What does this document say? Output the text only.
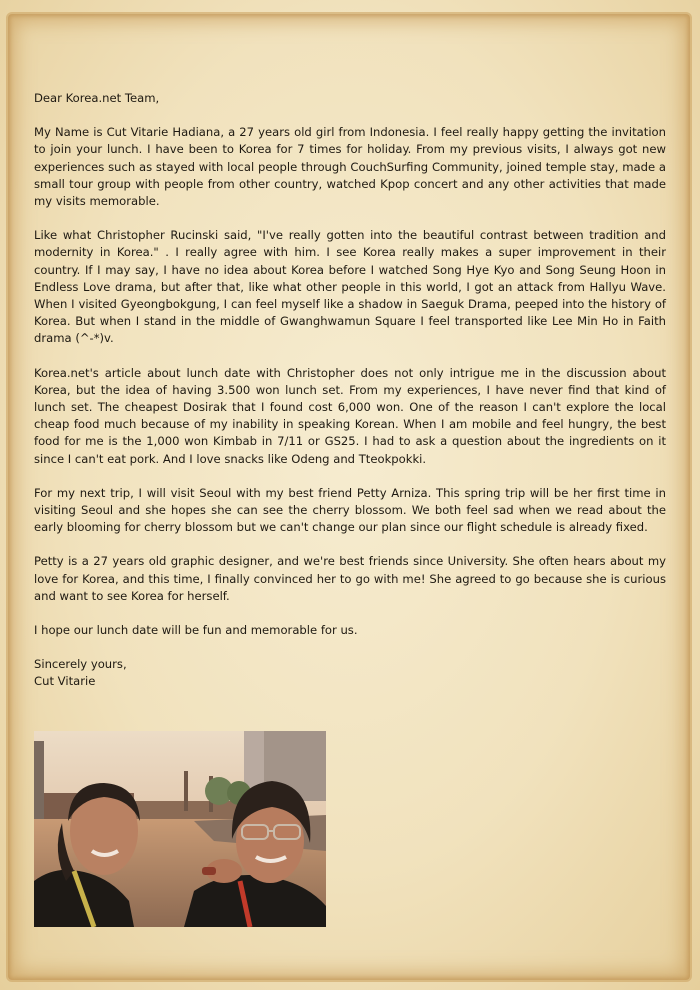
Dear Korea.net Team,

My Name is Cut Vitarie Hadiana, a 27 years old girl from Indonesia. I feel really happy getting the invitation to join your lunch. I have been to Korea for 7 times for holiday. From my previous visits, I always got new experiences such as stayed with local people through CouchSurfing Community, joined temple stay, made a small tour group with people from other country, watched Kpop concert and any other activities that made my visits memorable.

Like what Christopher Rucinski said, "I've really gotten into the beautiful contrast between tradition and modernity in Korea." . I really agree with him. I see Korea really makes a super improvement in their country. If I may say, I have no idea about Korea before I watched Song Hye Kyo and Song Seung Hoon in Endless Love drama, but after that, like what other people in this world, I got an attack from Hallyu Wave. When I visited Gyeongbokgung, I can feel myself like a shadow in Saeguk Drama, peeped into the history of Korea. But when I stand in the middle of Gwanghwamun Square I feel transported like Lee Min Ho in Faith drama (^-*)v.

Korea.net's article about lunch date with Christopher does not only intrigue me in the discussion about Korea, but the idea of having 3.500 won lunch set. From my experiences, I have never find that kind of lunch set. The cheapest Dosirak that I found cost 6,000 won. One of the reason I can't explore the local cheap food much because of my inability in speaking Korean. When I am mobile and feel hungry, the best food for me is the 1,000 won Kimbab in 7/11 or GS25. I had to ask a question about the ingredients on it since I can't eat pork. And I love snacks like Odeng and Tteokpokki.

For my next trip, I will visit Seoul with my best friend Petty Arniza. This spring trip will be her first time in visiting Seoul and she hopes she can see the cherry blossom. We both feel sad when we read about the early blooming for cherry blossom but we can't change our plan since our flight schedule is already fixed.

Petty is a 27 years old graphic designer, and we're best friends since University. She often hears about my love for Korea, and this time, I finally convinced her to go with me! She agreed to go because she is curious and want to see Korea for herself.

I hope our lunch date will be fun and memorable for us.

Sincerely yours,
Cut Vitarie
